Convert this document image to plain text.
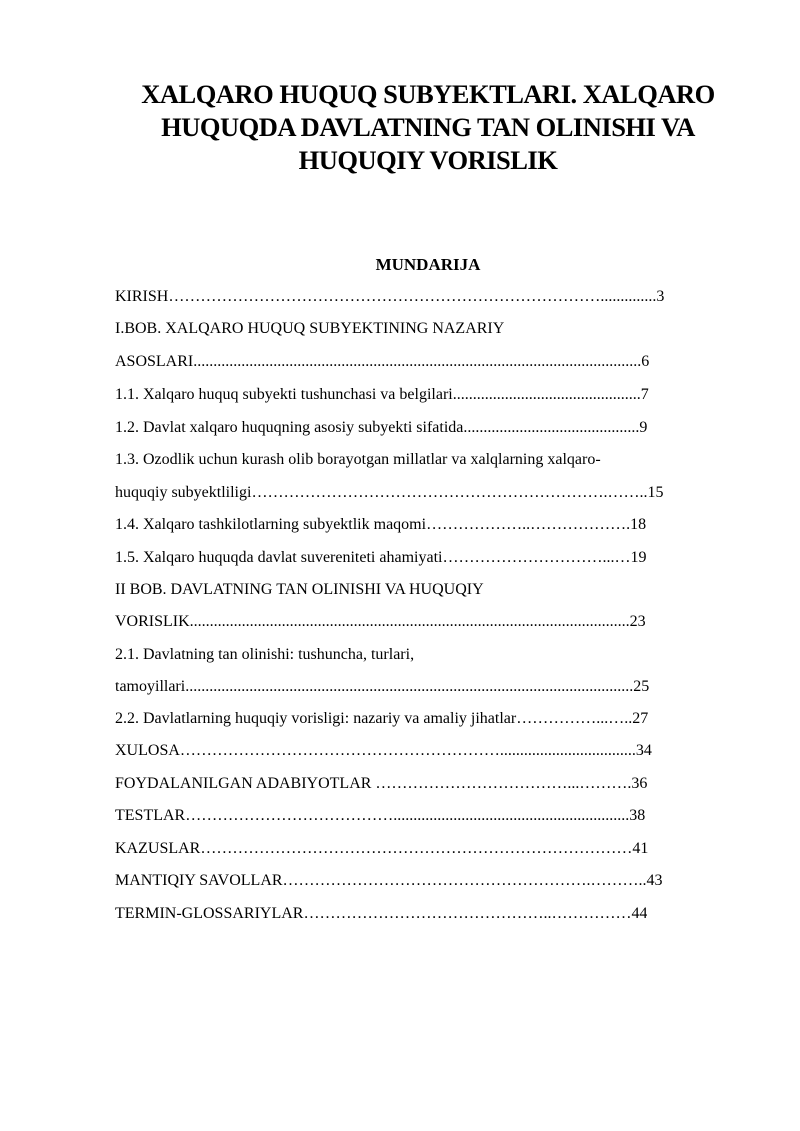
XALQARO HUQUQ SUBYEKTLARI. XALQARO
HUQUQDA DAVLATNING TAN OLINISHI VA
HUQUQIY VORISLIK
MUNDARIJA
KIRISH………………………………………………………………………..............3
I.BOB. XALQARO HUQUQ SUBYEKTINING NAZARIY
ASOSLARI................................................................................................................6
1.1. Xalqaro huquq subyekti tushunchasi va belgilari...............................................7
1.2. Davlat xalqaro huquqning asosiy subyekti sifatida............................................9
1.3. Ozodlik uchun kurash olib borayotgan millatlar va xalqlarning xalqaro-
huquqiy subyektliligi………………………………………………………….……..15
1.4. Xalqaro tashkilotlarning subyektlik maqomi………………..……………….18
1.5. Xalqaro huquqda davlat suvereniteti ahamiyati…………………………...…19
II BOB. DAVLATNING TAN OLINISHI VA HUQUQIY
VORISLIK..............................................................................................................23
2.1. Davlatning tan olinishi: tushuncha, turlari,
tamoyillari................................................................................................................25
2.2. Davlatlarning huquqiy vorisligi: nazariy va amaliy jihatlar……………...…..27
XULOSA……………………………………………………..................................34
FOYDALANILGAN ADABIYOTLAR ………………………………...……….36
TESTLAR…………………………………...........................................................38
KAZUSLAR………………………………………………………………………41
MANTIQIY SAVOLLAR………………………………………………….………..43
TERMIN-GLOSSARIYLAR………………………………………..……………44
